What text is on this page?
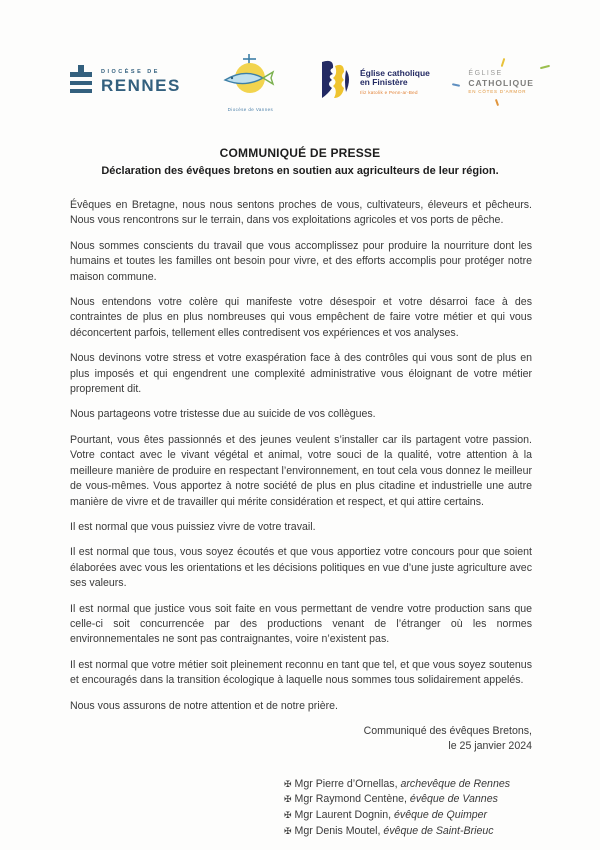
DIOCÈSE DE
RENNES
Diocèse de Vannes
Église catholique
en Finistère
Iliz katolik e Penn-ar-Bed
ÉGLISE
CATHOLIQUE
EN CÔTES D'ARMOR
COMMUNIQUÉ DE PRESSE
Déclaration des évêques bretons en soutien aux agriculteurs de leur région.

Évêques en Bretagne, nous nous sentons proches de vous, cultivateurs, éleveurs et pêcheurs. Nous vous rencontrons sur le terrain, dans vos exploitations agricoles et vos ports de pêche.

Nous sommes conscients du travail que vous accomplissez pour produire la nourriture dont les humains et toutes les familles ont besoin pour vivre, et des efforts accomplis pour protéger notre maison commune.

Nous entendons votre colère qui manifeste votre désespoir et votre désarroi face à des contraintes de plus en plus nombreuses qui vous empêchent de faire votre métier et qui vous déconcertent parfois, tellement elles contredisent vos expériences et vos analyses.

Nous devinons votre stress et votre exaspération face à des contrôles qui vous sont de plus en plus imposés et qui engendrent une complexité administrative vous éloignant de votre métier proprement dit.

Nous partageons votre tristesse due au suicide de vos collègues.

Pourtant, vous êtes passionnés et des jeunes veulent s’installer car ils partagent votre passion. Votre contact avec le vivant végétal et animal, votre souci de la qualité, votre attention à la meilleure manière de produire en respectant l’environnement, en tout cela vous donnez le meilleur de vous-mêmes. Vous apportez à notre société de plus en plus citadine et industrielle une autre manière de vivre et de travailler qui mérite considération et respect, et qui attire certains.

Il est normal que vous puissiez vivre de votre travail.

Il est normal que tous, vous soyez écoutés et que vous apportiez votre concours pour que soient élaborées avec vous les orientations et les décisions politiques en vue d’une juste agriculture avec ses valeurs.

Il est normal que justice vous soit faite en vous permettant de vendre votre production sans que celle-ci soit concurrencée par des productions venant de l’étranger où les normes environnementales ne sont pas contraignantes, voire n’existent pas.

Il est normal que votre métier soit pleinement reconnu en tant que tel, et que vous soyez soutenus et encouragés dans la transition écologique à laquelle nous sommes tous solidairement appelés.

Nous vous assurons de notre attention et de notre prière.

Communiqué des évêques Bretons,
le 25 janvier 2024
✠ Mgr Pierre d’Ornellas, archevêque de Rennes
✠ Mgr Raymond Centène, évêque de Vannes
✠ Mgr Laurent Dognin, évêque de Quimper
✠ Mgr Denis Moutel, évêque de Saint-Brieuc
